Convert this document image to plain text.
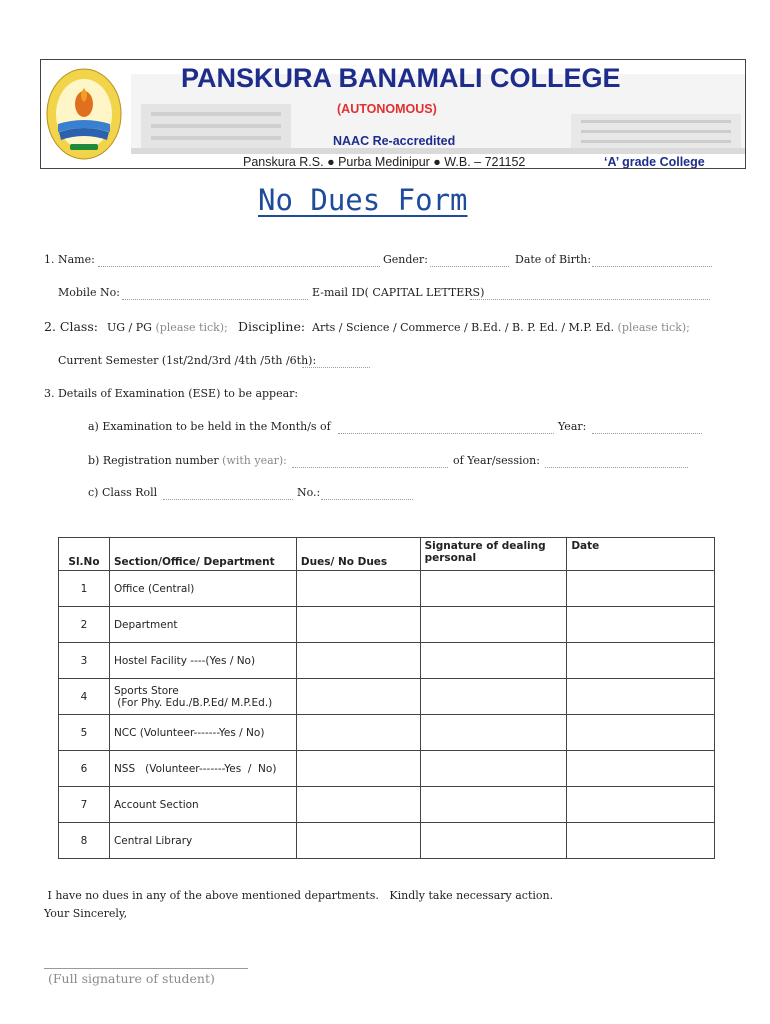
PANSKURA BANAMALI COLLEGE
(AUTONOMOUS)
NAAC Re-accredited
Panskura R.S. ● Purba Medinipur ● W.B. – 721152	‘A’ grade College
No Dues Form
1. Name:	Gender:	Date of Birth:
Mobile No:	E-mail ID( CAPITAL LETTERS)
2. Class: UG / PG (please tick); Discipline: Arts / Science / Commerce / B.Ed. / B. P. Ed. / M.P. Ed. (please tick);
Current Semester (1st/2nd/3rd /4th /5th /6th):
3. Details of Examination (ESE) to be appear:
a) Examination to be held in the Month/s of	Year:
b) Registration number (with year):	of Year/session:
c) Class Roll	No.:
Sl.No	Section/Office/ Department	Dues/ No Dues	Signature of dealing personal	Date
1	Office (Central)			
2	Department			
3	Hostel Facility ----(Yes / No)			
4	Sports Store
(For Phy. Edu./B.P.Ed/ M.P.Ed.)			

5	NCC (Volunteer-------Yes / No)			
6	NSS   (Volunteer-------Yes  /  No)			
7	Account Section			
8	Central Library			
I have no dues in any of the above mentioned departments.   Kindly take necessary action.
Your Sincerely,
(Full signature of student)
